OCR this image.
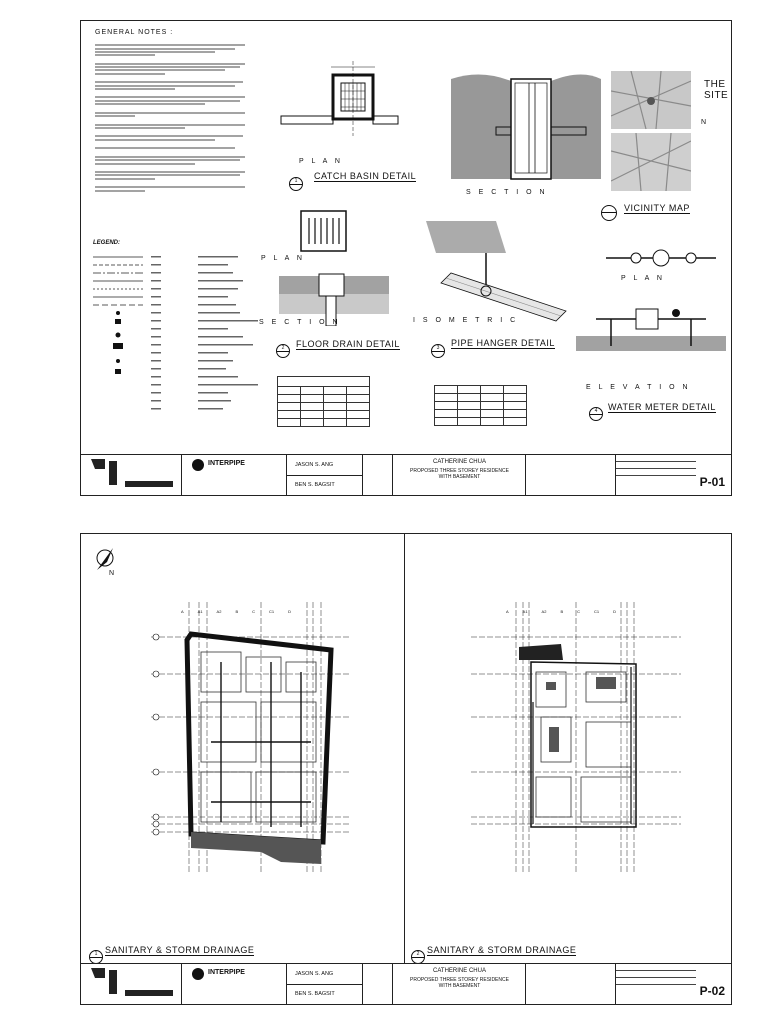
GENERAL NOTES :
LEGEND:
P L A N
1	CATCH BASIN DETAIL
S E C T I O N
THE SITE
N
VICINITY MAP
P L A N
S E C T I O N
2	FLOOR DRAIN DETAIL
I S O M E T R I C
3	PIPE HANGER DETAIL

P L A N
E L E V A T I O N
4	WATER METER DETAIL
INTERPIPE	JASON S. ANG
BEN S. BAGSIT
CATHERINE CHUA
PROPOSED THREE STOREY RESIDENCE
WITH BASEMENT	P-01
N
A	A1	A2	B	C	C1	D	A	A1	A2	B	C	C1	D
1 SANITARY & STORM DRAINAGE	2 SANITARY & STORM DRAINAGE
INTERPIPE	JASON S. ANG
BEN S. BAGSIT
CATHERINE CHUA
PROPOSED THREE STOREY RESIDENCE
WITH BASEMENT	P-02
